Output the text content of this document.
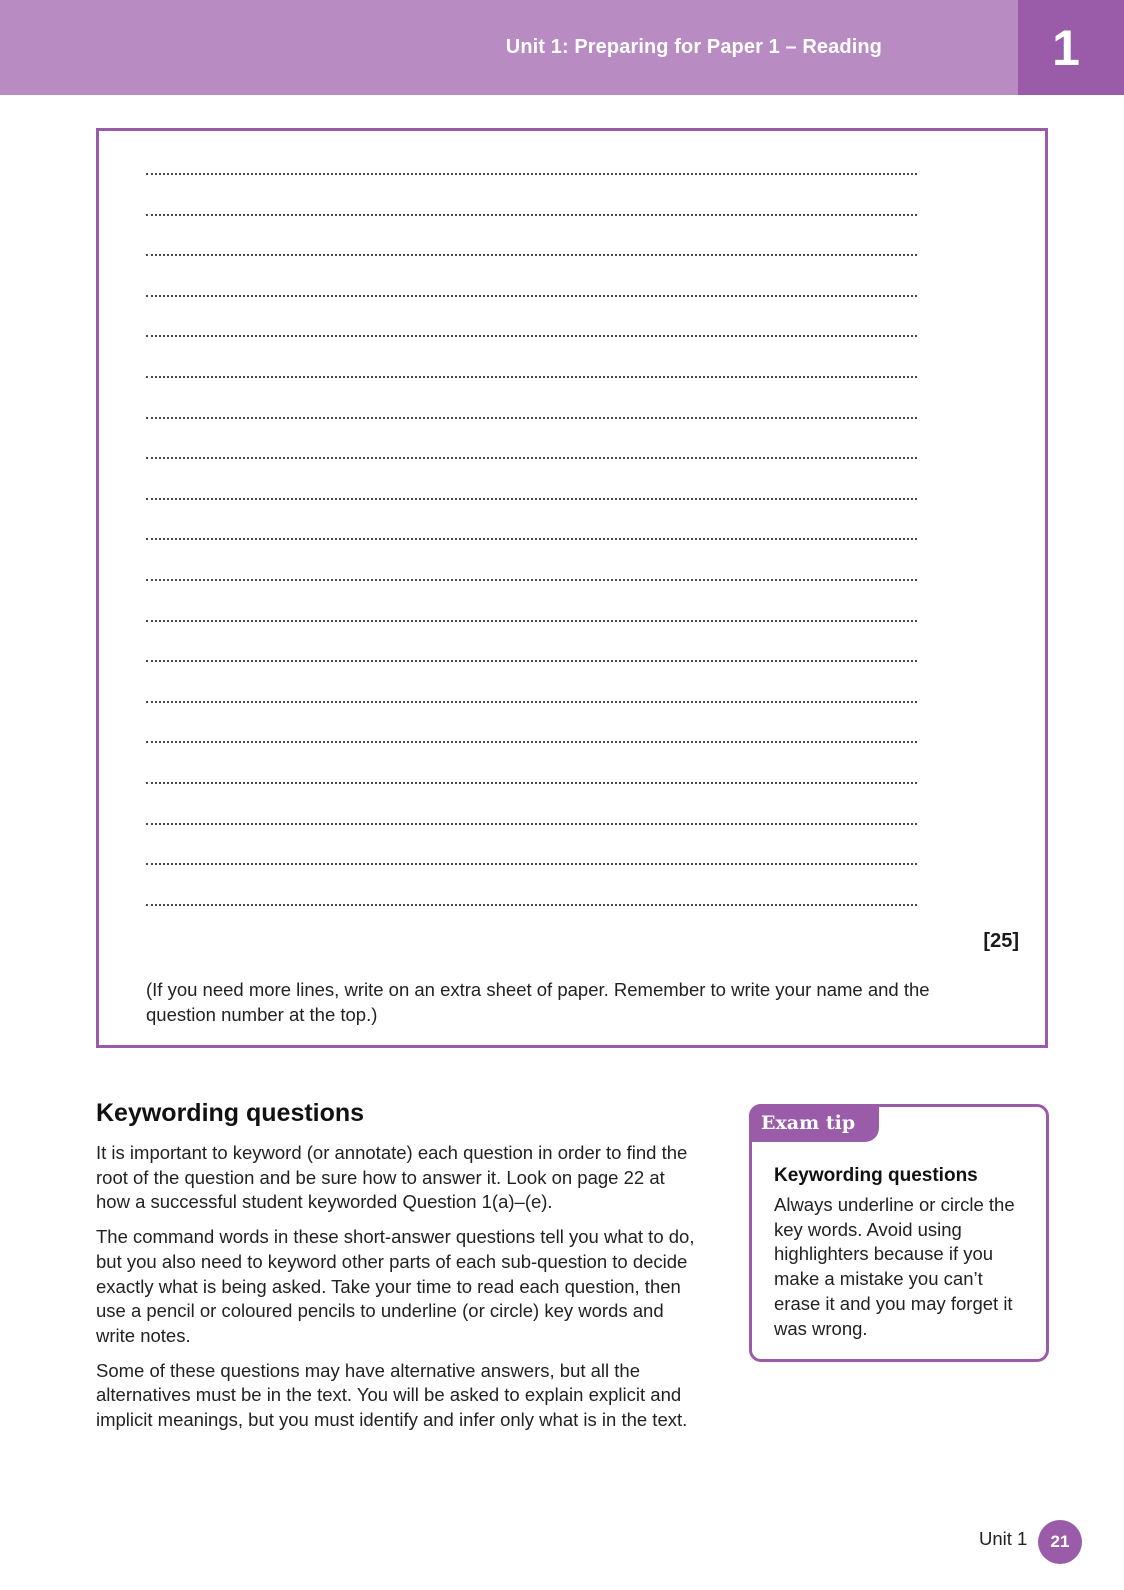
Unit 1: Preparing for Paper 1 – Reading	1
[25]
(If you need more lines, write on an extra sheet of paper. Remember to write your name and the question number at the top.)
Keywording questions

It is important to keyword (or annotate) each question in order to find the root of the question and be sure how to answer it. Look on page 22 at how a successful student keyworded Question 1(a)–(e).

The command words in these short-answer questions tell you what to do, but you also need to keyword other parts of each sub-question to decide exactly what is being asked. Take your time to read each question, then use a pencil or coloured pencils to underline (or circle) key words and write notes.

Some of these questions may have alternative answers, but all the alternatives must be in the text. You will be asked to explain explicit and implicit meanings, but you must identify and infer only what is in the text.

Exam tip
Keywording questions
Always underline or circle the key words. Avoid using highlighters because if you make a mistake you can’t erase it and you may forget it was wrong.
Unit 1	21
